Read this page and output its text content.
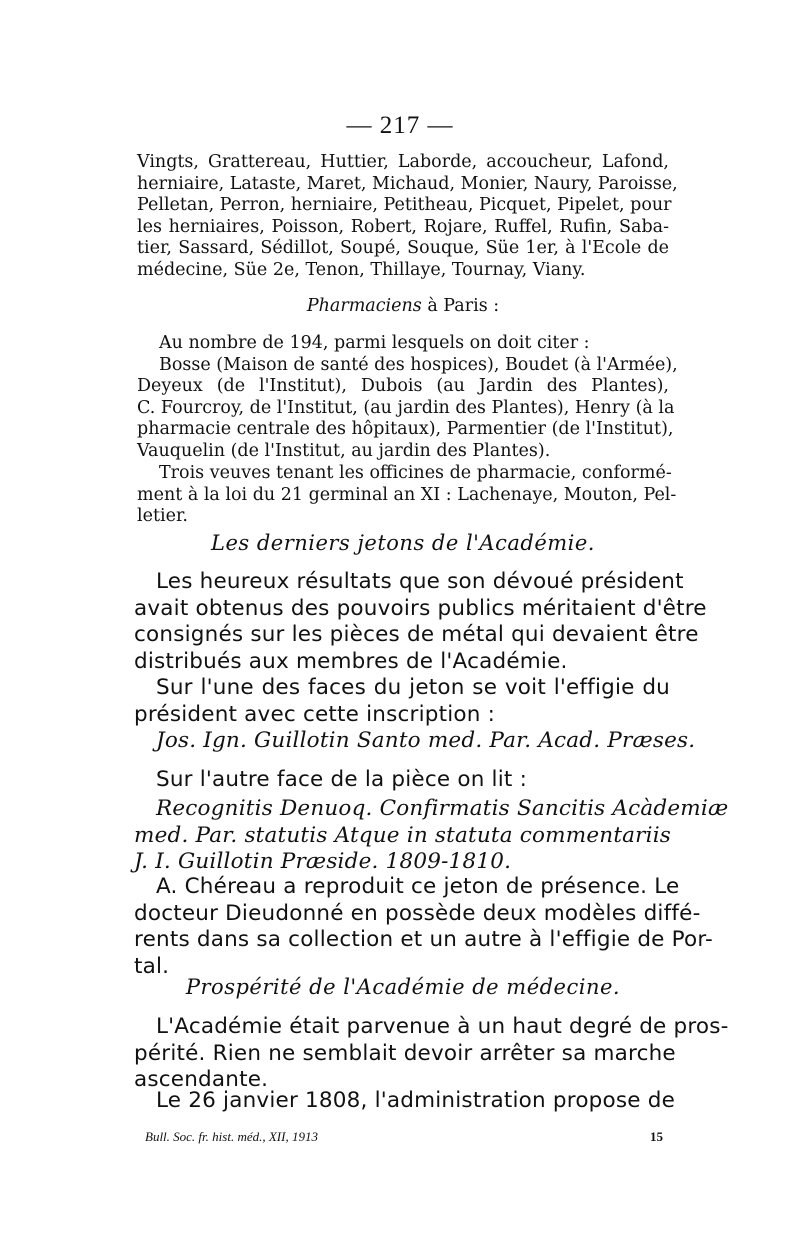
— 217 —
Vingts, Grattereau, Huttier, Laborde, accoucheur, Lafond,
herniaire, Lataste, Maret, Michaud, Monier, Naury, Paroisse,
Pelletan, Perron, herniaire, Petitheau, Picquet, Pipelet, pour
les herniaires, Poisson, Robert, Rojare, Ruffel, Rufin, Saba-
tier, Sassard, Sédillot, Soupé, Souque, Süe 1er, à l'Ecole de
médecine, Süe 2e, Tenon, Thillaye, Tournay, Viany.
Pharmaciens à Paris :
Au nombre de 194, parmi lesquels on doit citer :
Bosse (Maison de santé des hospices), Boudet (à l'Armée),
Deyeux (de l'Institut), Dubois (au Jardin des Plantes),
C. Fourcroy, de l'Institut, (au jardin des Plantes), Henry (à la
pharmacie centrale des hôpitaux), Parmentier (de l'Institut),
Vauquelin (de l'Institut, au jardin des Plantes).
Trois veuves tenant les officines de pharmacie, conformé-
ment à la loi du 21 germinal an XI : Lachenaye, Mouton, Pel-
letier.
Les derniers jetons de l'Académie.
Les heureux résultats que son dévoué président
avait obtenus des pouvoirs publics méritaient d'être
consignés sur les pièces de métal qui devaient être
distribués aux membres de l'Académie.
Sur l'une des faces du jeton se voit l'effigie du
président avec cette inscription :
Jos. Ign. Guillotin Santo med. Par. Acad. Præses.
Sur l'autre face de la pièce on lit :
Recognitis Denuoq. Confirmatis Sancitis Acàdemiæ
med. Par. statutis Atque in statuta commentariis
J. I. Guillotin Præside. 1809-1810.
A. Chéreau a reproduit ce jeton de présence. Le
docteur Dieudonné en possède deux modèles diffé-
rents dans sa collection et un autre à l'effigie de Por-
tal.
Prospérité de l'Académie de médecine.
L'Académie était parvenue à un haut degré de pros-
périté. Rien ne semblait devoir arrêter sa marche
ascendante.
Le 26 janvier 1808, l'administration propose de
Bull. Soc. fr. hist. méd., XII, 1913	15
